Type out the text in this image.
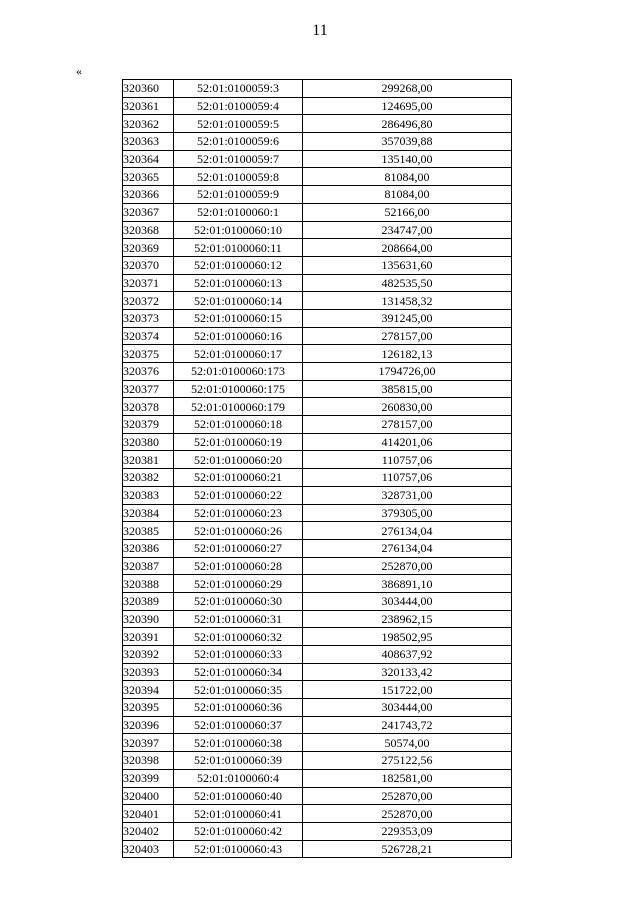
11
«
320360	52:01:0100059:3	299268,00
320361	52:01:0100059:4	124695,00
320362	52:01:0100059:5	286496,80
320363	52:01:0100059:6	357039,88
320364	52:01:0100059:7	135140,00
320365	52:01:0100059:8	81084,00
320366	52:01:0100059:9	81084,00
320367	52:01:0100060:1	52166,00
320368	52:01:0100060:10	234747,00
320369	52:01:0100060:11	208664,00
320370	52:01:0100060:12	135631,60
320371	52:01:0100060:13	482535,50
320372	52:01:0100060:14	131458,32
320373	52:01:0100060:15	391245,00
320374	52:01:0100060:16	278157,00
320375	52:01:0100060:17	126182,13
320376	52:01:0100060:173	1794726,00
320377	52:01:0100060:175	385815,00
320378	52:01:0100060:179	260830,00
320379	52:01:0100060:18	278157,00
320380	52:01:0100060:19	414201,06
320381	52:01:0100060:20	110757,06
320382	52:01:0100060:21	110757,06
320383	52:01:0100060:22	328731,00
320384	52:01:0100060:23	379305,00
320385	52:01:0100060:26	276134,04
320386	52:01:0100060:27	276134,04
320387	52:01:0100060:28	252870,00
320388	52:01:0100060:29	386891,10
320389	52:01:0100060:30	303444,00
320390	52:01:0100060:31	238962,15
320391	52:01:0100060:32	198502,95
320392	52:01:0100060:33	408637,92
320393	52:01:0100060:34	320133,42
320394	52:01:0100060:35	151722,00
320395	52:01:0100060:36	303444,00
320396	52:01:0100060:37	241743,72
320397	52:01:0100060:38	50574,00
320398	52:01:0100060:39	275122,56
320399	52:01:0100060:4	182581,00
320400	52:01:0100060:40	252870,00
320401	52:01:0100060:41	252870,00
320402	52:01:0100060:42	229353,09
320403	52:01:0100060:43	526728,21
